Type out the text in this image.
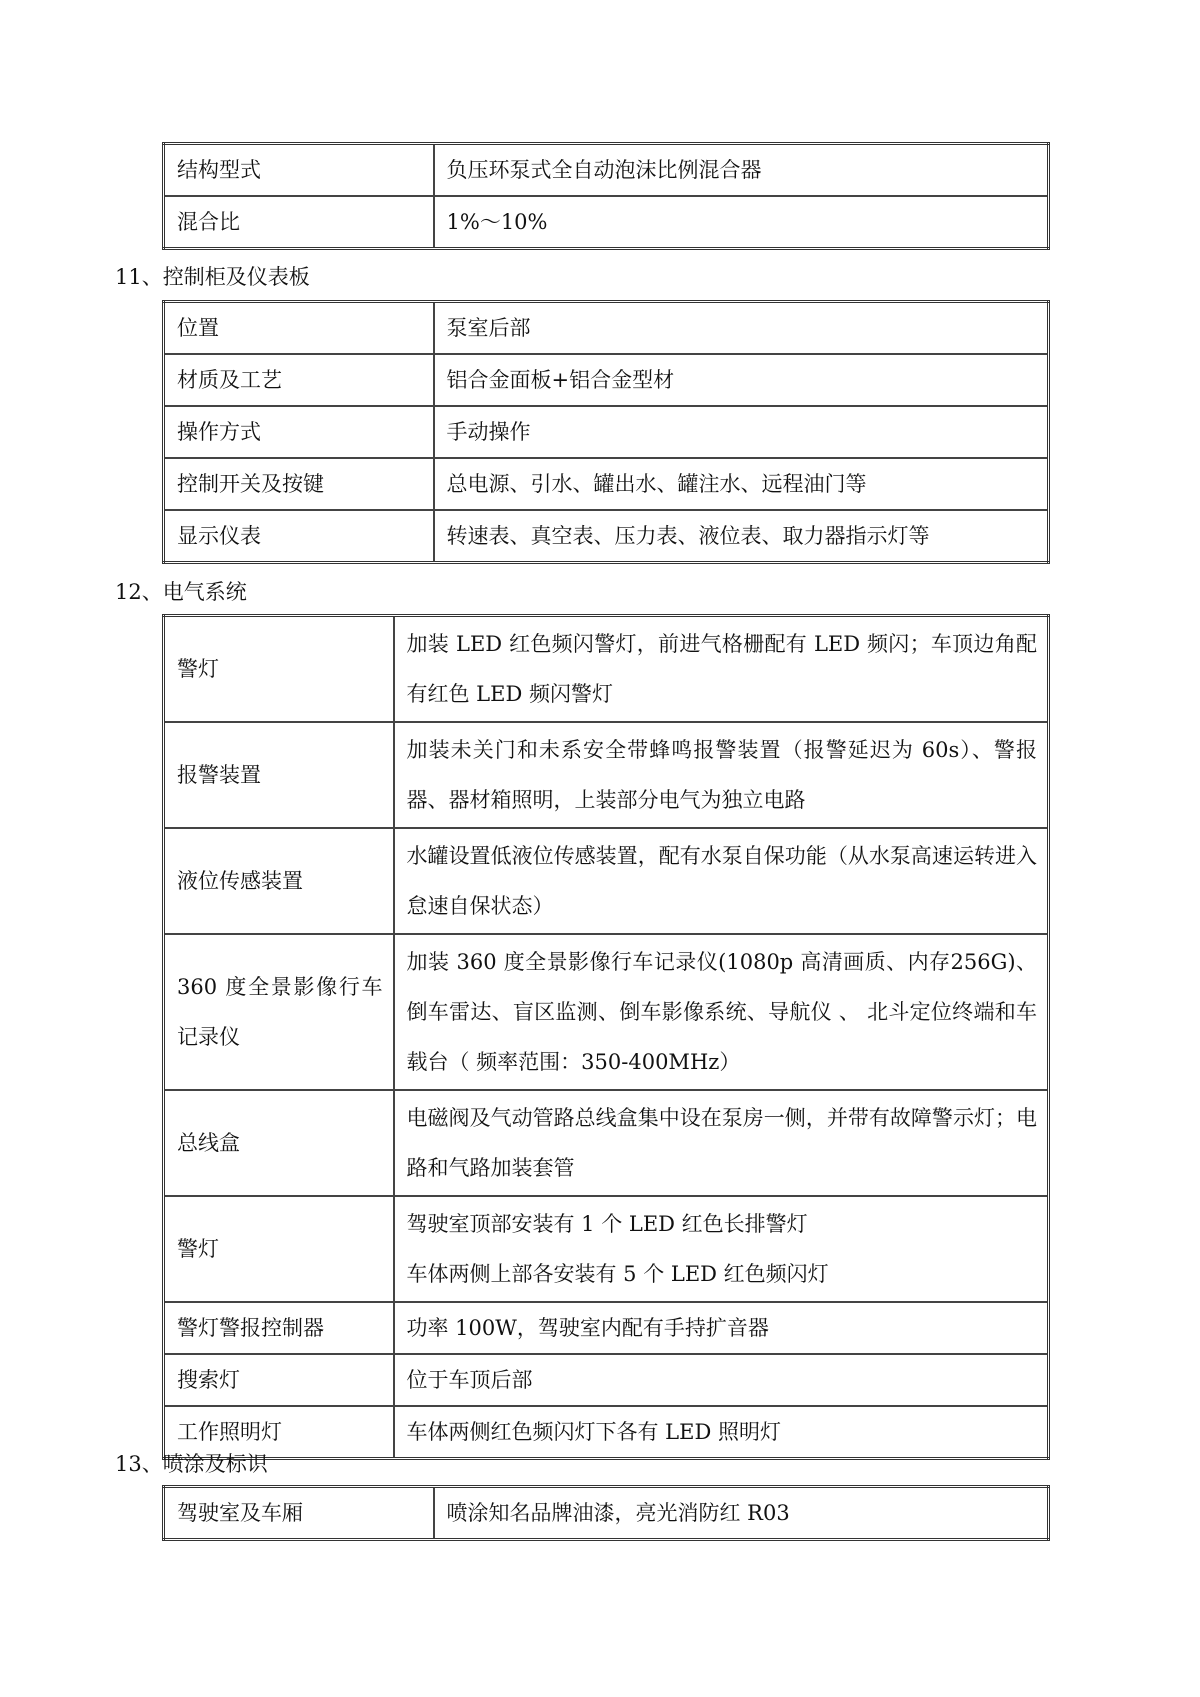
结构型式	负压环泵式全自动泡沫比例混合器
混合比	1%～10%
11、控制柜及仪表板
位置	泵室后部
材质及工艺	铝合金面板+铝合金型材
操作方式	手动操作
控制开关及按键	总电源、引水、罐出水、罐注水、远程油门等
显示仪表	转速表、真空表、压力表、液位表、取力器指示灯等
12、电气系统
警灯	加装 LED 红色频闪警灯，前进气格栅配有 LED 频闪；车顶边角配有红色 LED 频闪警灯
报警装置	加装未关门和未系安全带蜂鸣报警装置（报警延迟为 60s）、警报器、器材箱照明，上装部分电气为独立电路
液位传感装置	水罐设置低液位传感装置，配有水泵自保功能（从水泵高速运转进入怠速自保状态）
360 度全景影像行车记录仪	加装 360 度全景影像行车记录仪(1080p 高清画质、内存256G)、倒车雷达、盲区监测、倒车影像系统、导航仪 、 北斗定位终端和车载台（ 频率范围：350-400MHz）
总线盒	电磁阀及气动管路总线盒集中设在泵房一侧，并带有故障警示灯；电路和气路加装套管
警灯	驾驶室顶部安装有 1 个 LED 红色长排警灯
车体两侧上部各安装有 5 个 LED 红色频闪灯

警灯警报控制器	功率 100W，驾驶室内配有手持扩音器
搜索灯	位于车顶后部
工作照明灯	车体两侧红色频闪灯下各有 LED 照明灯
13、喷涂及标识
驾驶室及车厢	喷涂知名品牌油漆，亮光消防红 R03
